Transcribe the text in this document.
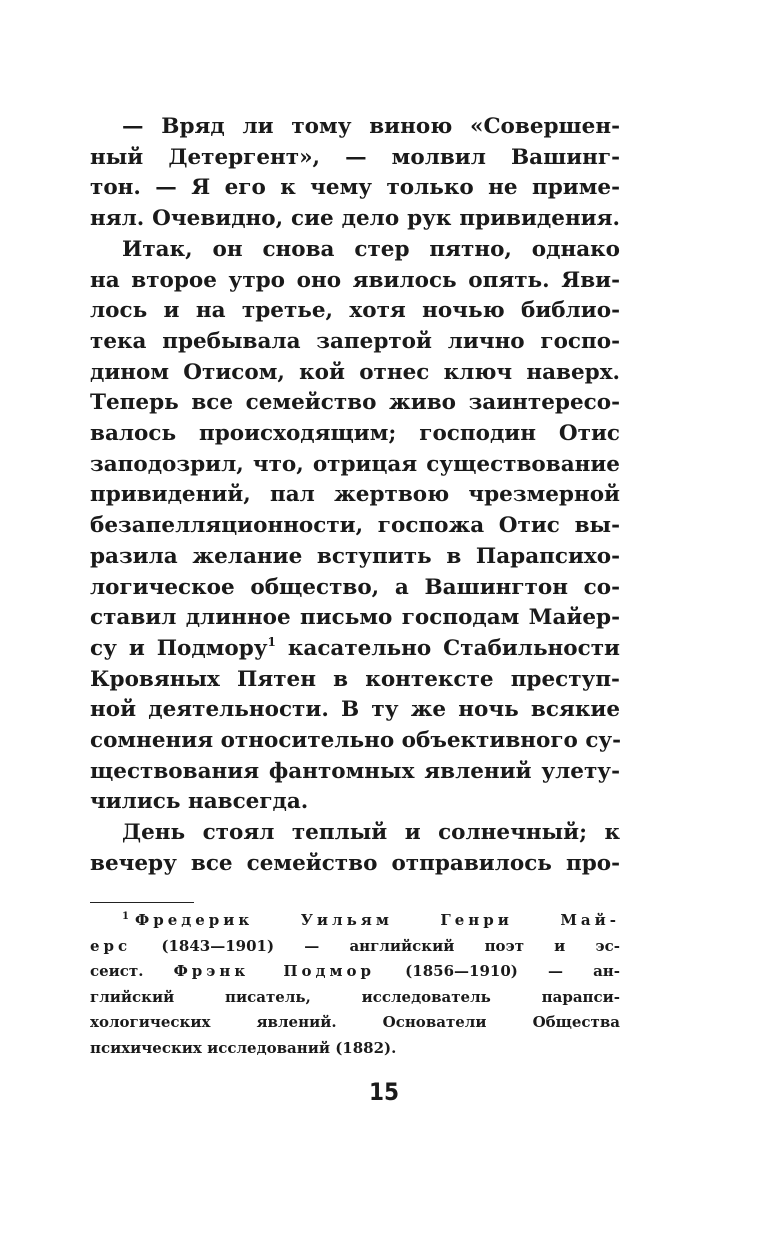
— Вряд ли тому виною «Совершен-
ный Детергент», — молвил Вашинг-
тон. — Я его к чему только не приме-
нял. Очевидно, сие дело рук привидения.

Итак, он снова стер пятно, однако
на второе утро оно явилось опять. Яви-
лось и на третье, хотя ночью библио-
тека пребывала запертой лично госпо-
дином Отисом, кой отнес ключ наверх.
Теперь все семейство живо заинтересо-
валось происходящим; господин Отис
заподозрил, что, отрицая существование
привидений, пал жертвою чрезмерной
безапелляционности, госпожа Отис вы-
разила желание вступить в Парапсихо-
логическое общество, а Вашингтон со-
ставил длинное письмо господам Майер-
су и Подмору$^1$ касательно Стабильности
Кровяных Пятен в контексте преступ-
ной деятельности. В ту же ночь всякие
сомнения относительно объективного су-
ществования фантомных явлений улету-
чились навсегда.

День стоял теплый и солнечный; к
вечеру все семейство отправилось про-

$^1$ Фредерик Уильям Генри Май-
ерс (1843—1901) — английский поэт и эс-
сеист. Фрэнк Подмор (1856—1910) — ан-
глийский писатель, исследователь парапси-
хологических явлений. Основатели Общества
психических исследований (1882).
15
